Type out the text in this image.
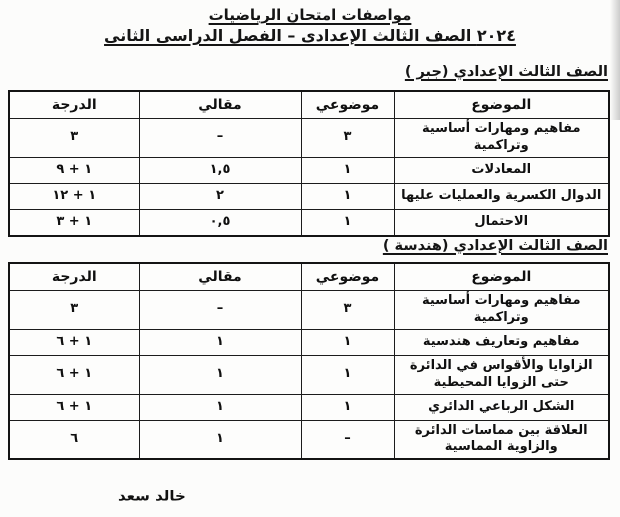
مواصفات امتحان الرياضيات
٢٠٢٤ الصف الثالث الإعدادى – الفصل الدراسى الثانى
الصف الثالث الإعدادي (جبر )
الموضوع	موضوعي	مقالي	الدرجة
مفاهيم ومهارات أساسية وتراكمية	٣	–	٣
المعادلات	١	١,٥	١ + ٩
الدوال الكسرية والعمليات عليها	١	٢	١ + ١٢
الاحتمال	١	٠,٥	١ + ٣
الصف الثالث الإعدادي (هندسة )
الموضوع	موضوعي	مقالي	الدرجة
مفاهيم ومهارات أساسية وتراكمية	٣	–	٣
مفاهيم وتعاريف هندسية	١	١	١ + ٦
الزاوايا والأقواس في الدائرة حتى الزوايا المحيطية	١	١	١ + ٦
الشكل الرباعي الدائري	١	١	١ + ٦
العلاقة بين مماسات الدائرة والزاوية المماسية	–	١	٦
خالد سعد
